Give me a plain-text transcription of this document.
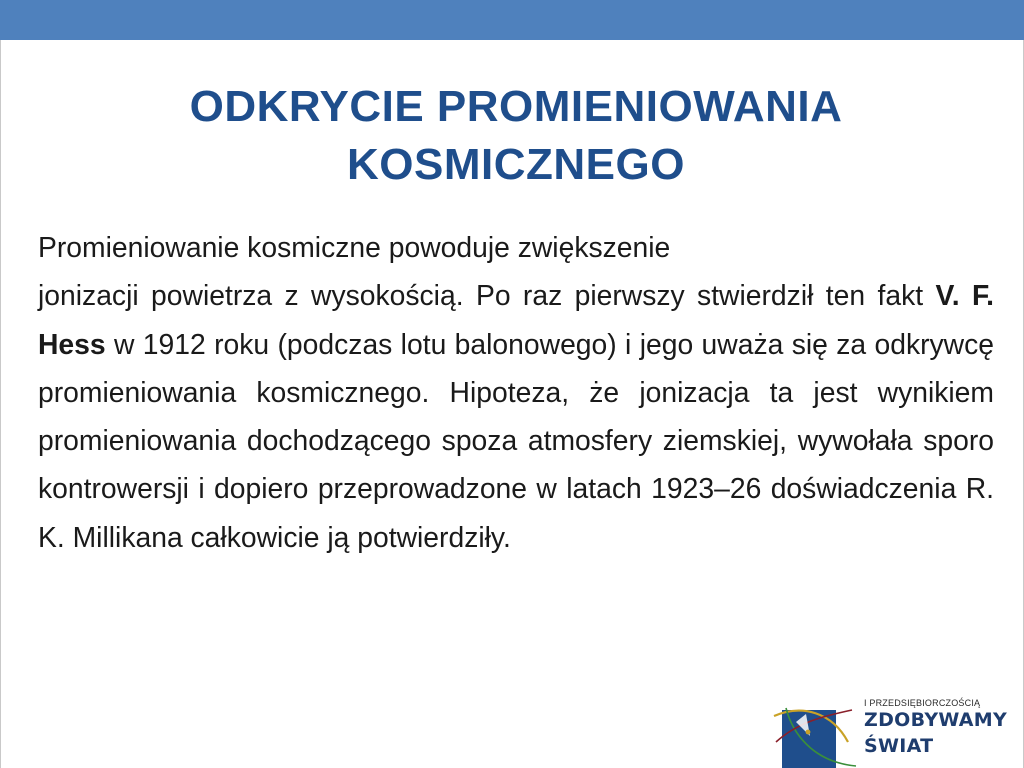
ODKRYCIE PROMIENIOWANIA
KOSMICZNEGO
Promieniowanie kosmiczne powoduje zwiększenie
jonizacji powietrza z wysokością. Po raz pierwszy stwierdził ten fakt V. F. Hess w 1912 roku (podczas lotu balonowego) i jego uważa się za odkrywcę promieniowania kosmicznego. Hipoteza, że jonizacja ta jest wynikiem promieniowania dochodzącego spoza atmosfery ziemskiej, wywołała sporo kontrowersji i dopiero przeprowadzone w latach 1923–26 doświadczenia R. K. Millikana całkowicie ją potwierdziły.
I PRZEDSIĘBIORCZOŚCIĄ
ZDOBYWAMY
ŚWIAT
